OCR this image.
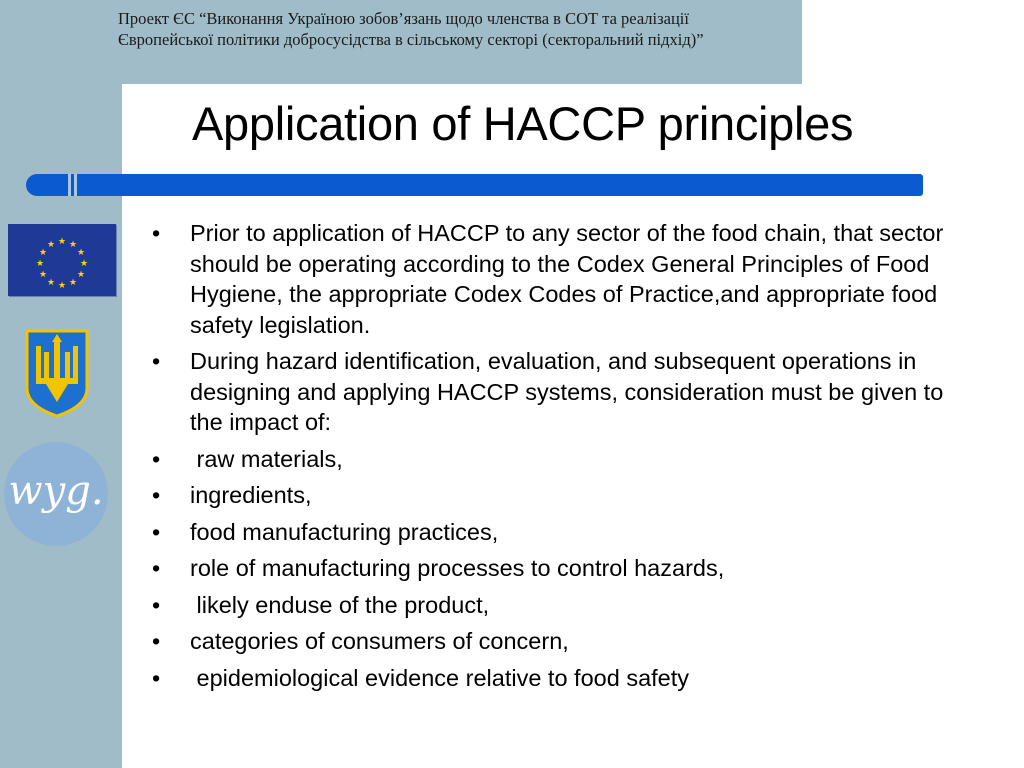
Проект ЄС “Виконання Україною зобов’язань щодо членства в СОТ та реалізації Європейської політики добросусідства в сільському секторі (секторальний підхід)”

Application of HACCP principles
★ ★
★
★
★
★
★
★
★
★
★
★
wyg.
• Prior to application of HACCP to any sector of the food chain, that sector should be operating according to the Codex General Principles of Food Hygiene, the appropriate Codex Codes of Practice,and appropriate food safety legislation.
• During hazard identification, evaluation, and subsequent operations in designing and applying HACCP systems, consideration must be given to the impact of:
• raw materials,
• ingredients,
• food manufacturing practices,
• role of manufacturing processes to control hazards,
• likely enduse of the product,
• categories of consumers of concern,
• epidemiological evidence relative to food safety
